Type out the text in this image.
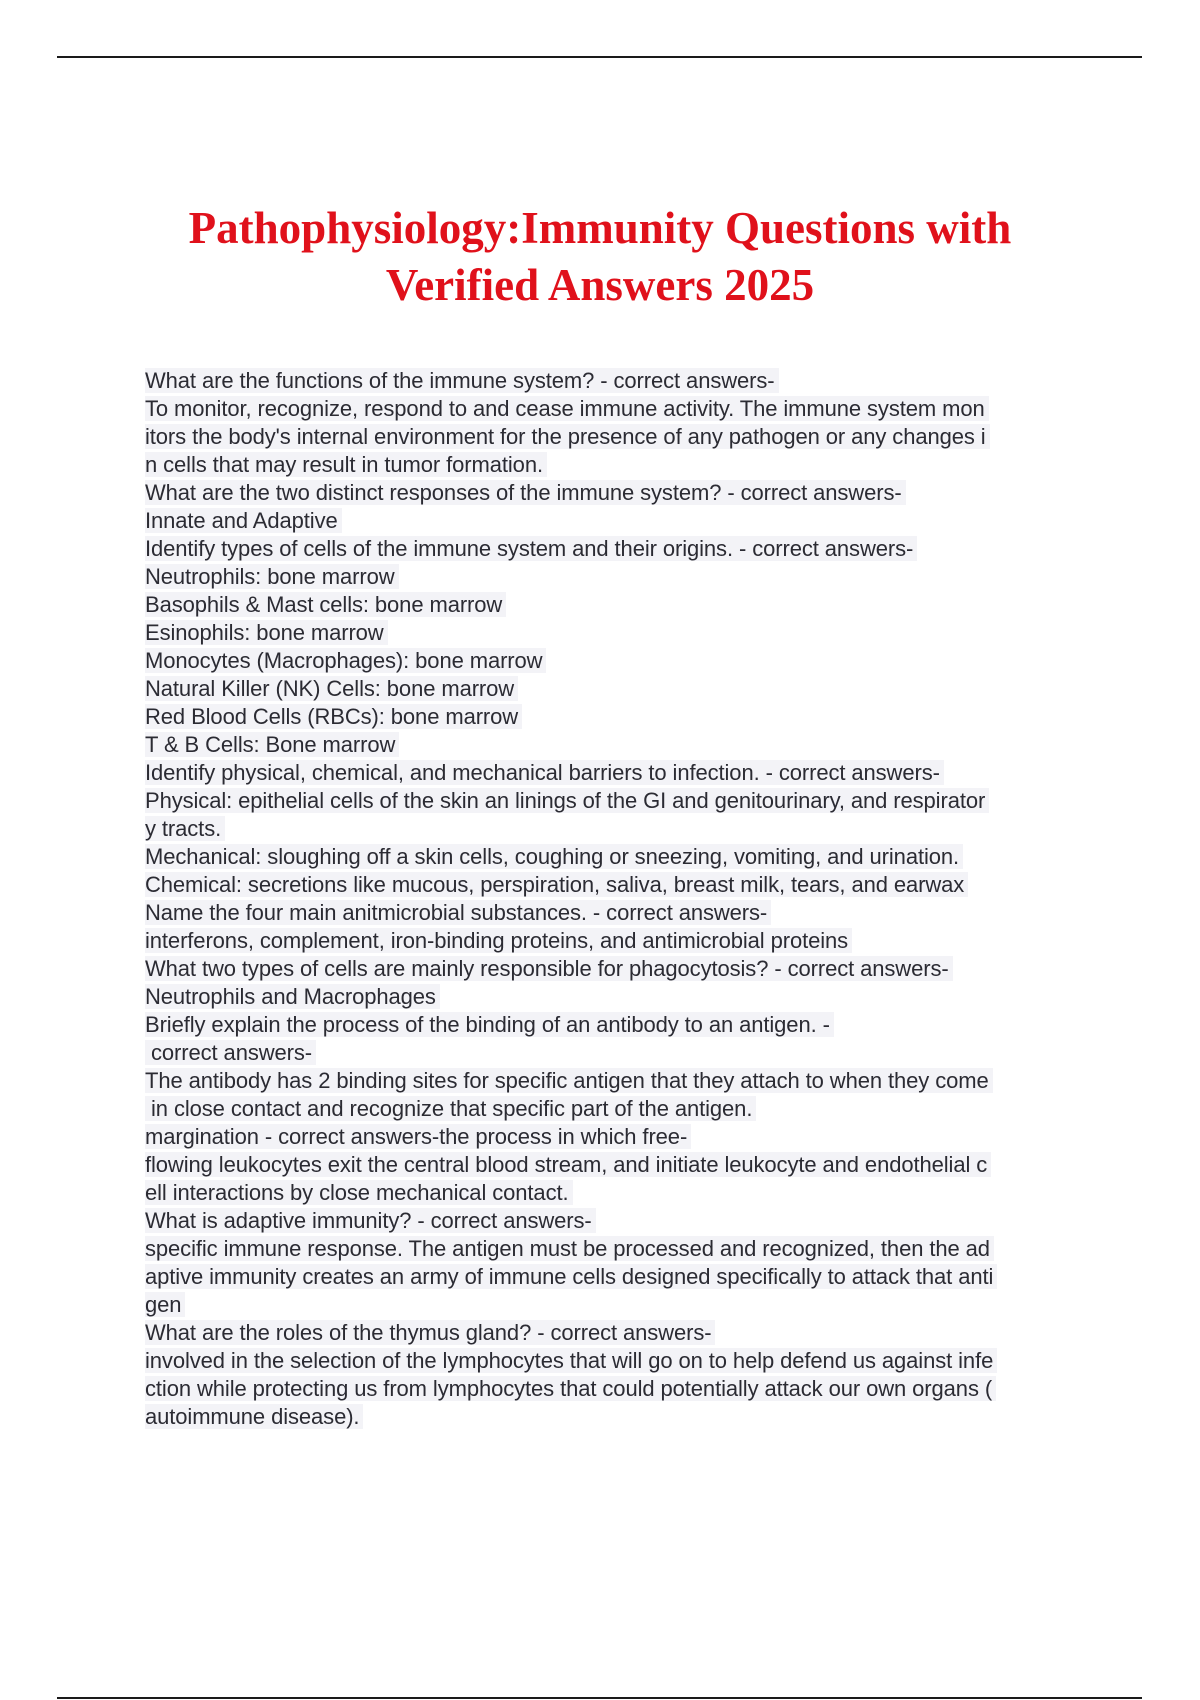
Pathophysiology:Immunity Questions with
Verified Answers 2025
What are the functions of the immune system? - correct answers-
To monitor, recognize, respond to and cease immune activity. The immune system mon
itors the body's internal environment for the presence of any pathogen or any changes i
n cells that may result in tumor formation.
What are the two distinct responses of the immune system? - correct answers-
Innate and Adaptive
Identify types of cells of the immune system and their origins. - correct answers-
Neutrophils: bone marrow
Basophils & Mast cells: bone marrow
Esinophils: bone marrow
Monocytes (Macrophages): bone marrow
Natural Killer (NK) Cells: bone marrow
Red Blood Cells (RBCs): bone marrow
T & B Cells: Bone marrow
Identify physical, chemical, and mechanical barriers to infection. - correct answers-
Physical: epithelial cells of the skin an linings of the GI and genitourinary, and respirator
y tracts.
Mechanical: sloughing off a skin cells, coughing or sneezing, vomiting, and urination.
Chemical: secretions like mucous, perspiration, saliva, breast milk, tears, and earwax
Name the four main anitmicrobial substances. - correct answers-
interferons, complement, iron-binding proteins, and antimicrobial proteins
What two types of cells are mainly responsible for phagocytosis? - correct answers-
Neutrophils and Macrophages
Briefly explain the process of the binding of an antibody to an antigen. -
correct answers-
The antibody has 2 binding sites for specific antigen that they attach to when they come
in close contact and recognize that specific part of the antigen.
margination - correct answers-the process in which free-
flowing leukocytes exit the central blood stream, and initiate leukocyte and endothelial c
ell interactions by close mechanical contact.
What is adaptive immunity? - correct answers-
specific immune response. The antigen must be processed and recognized, then the ad
aptive immunity creates an army of immune cells designed specifically to attack that anti
gen
What are the roles of the thymus gland? - correct answers-
involved in the selection of the lymphocytes that will go on to help defend us against infe
ction while protecting us from lymphocytes that could potentially attack our own organs (
autoimmune disease).
